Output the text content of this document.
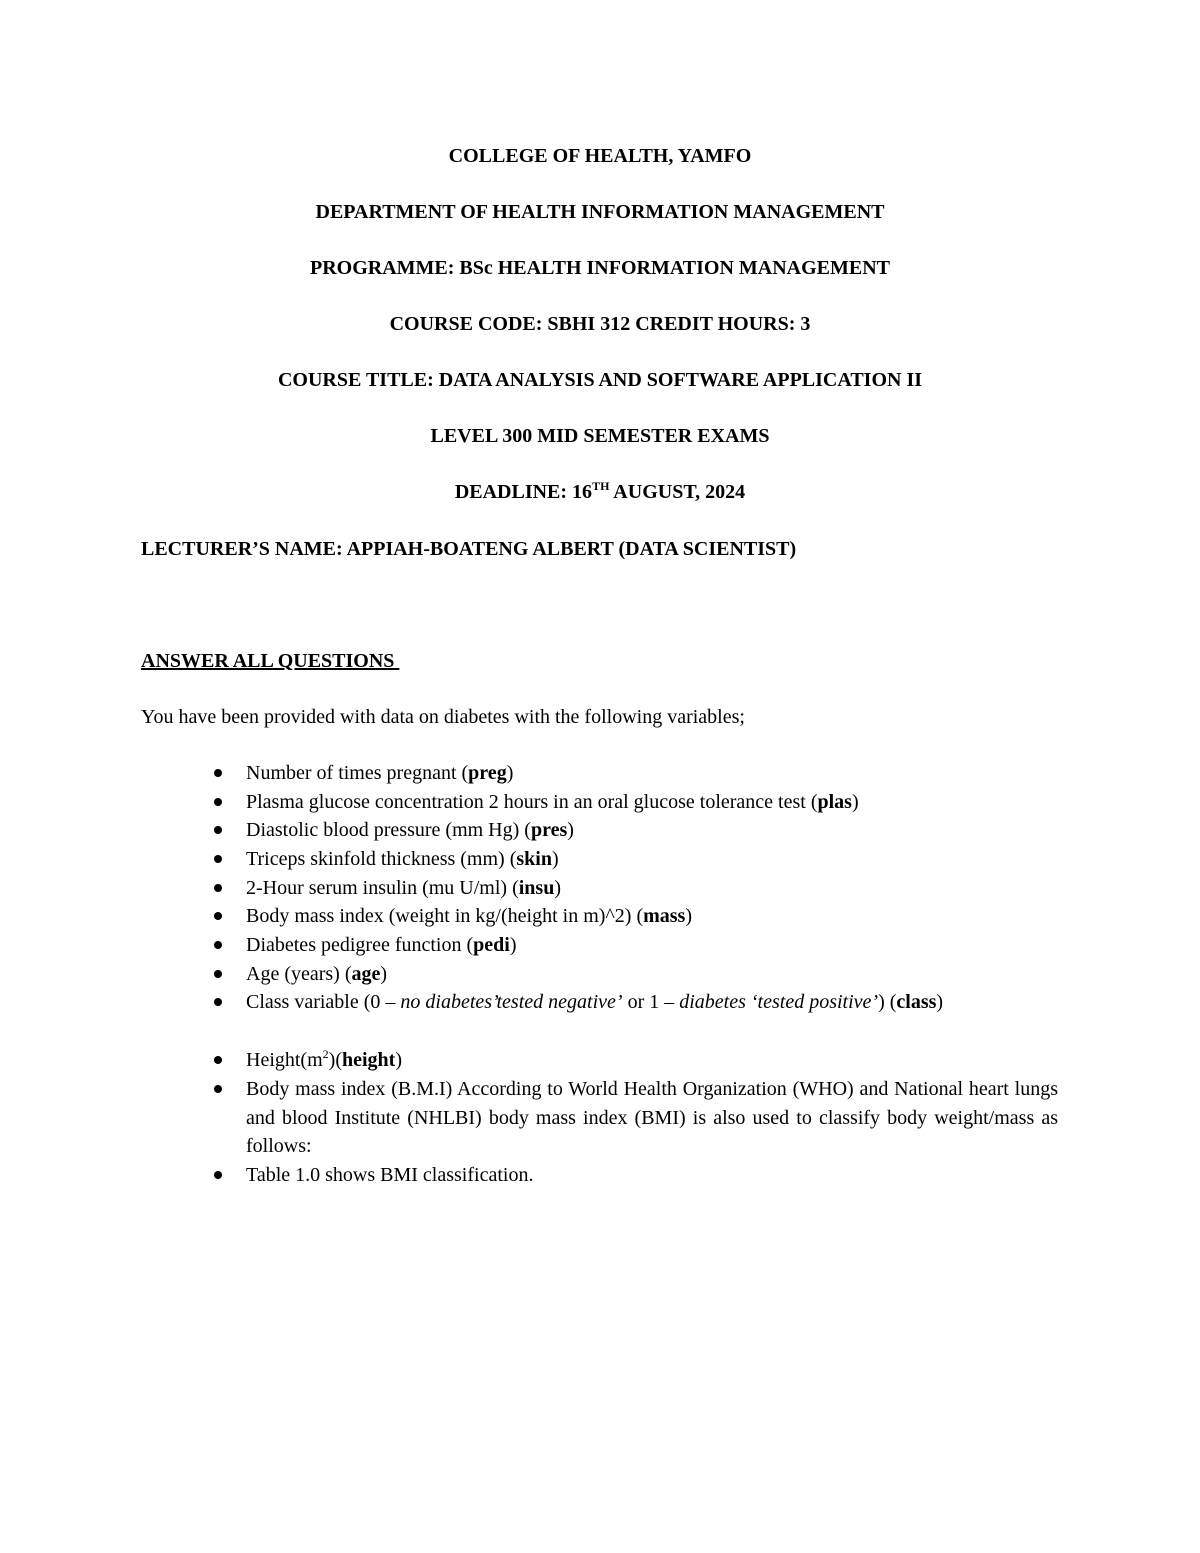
COLLEGE OF HEALTH, YAMFO
DEPARTMENT OF HEALTH INFORMATION MANAGEMENT
PROGRAMME: BSc HEALTH INFORMATION MANAGEMENT
COURSE CODE: SBHI 312 CREDIT HOURS: 3
COURSE TITLE: DATA ANALYSIS AND SOFTWARE APPLICATION II
LEVEL 300 MID SEMESTER EXAMS
DEADLINE: 16TH AUGUST, 2024
LECTURER’S NAME: APPIAH-BOATENG ALBERT (DATA SCIENTIST)
ANSWER ALL QUESTIONS
You have been provided with data on diabetes with the following variables;
Number of times pregnant (preg)
Plasma glucose concentration 2 hours in an oral glucose tolerance test (plas)
Diastolic blood pressure (mm Hg) (pres)
Triceps skinfold thickness (mm) (skin)
2-Hour serum insulin (mu U/ml) (insu)
Body mass index (weight in kg/(height in m)^2) (mass)
Diabetes pedigree function (pedi)
Age (years) (age)
Class variable (0 – no diabetes’tested negative’ or 1 – diabetes ‘tested positive’) (class)
$Height(m^2)(height)$
Body mass index (B.M.I) According to World Health Organization (WHO) and National heart lungs and blood Institute (NHLBI) body mass index (BMI) is also used to classify body weight/mass as follows:
Table 1.0 shows BMI classification.
